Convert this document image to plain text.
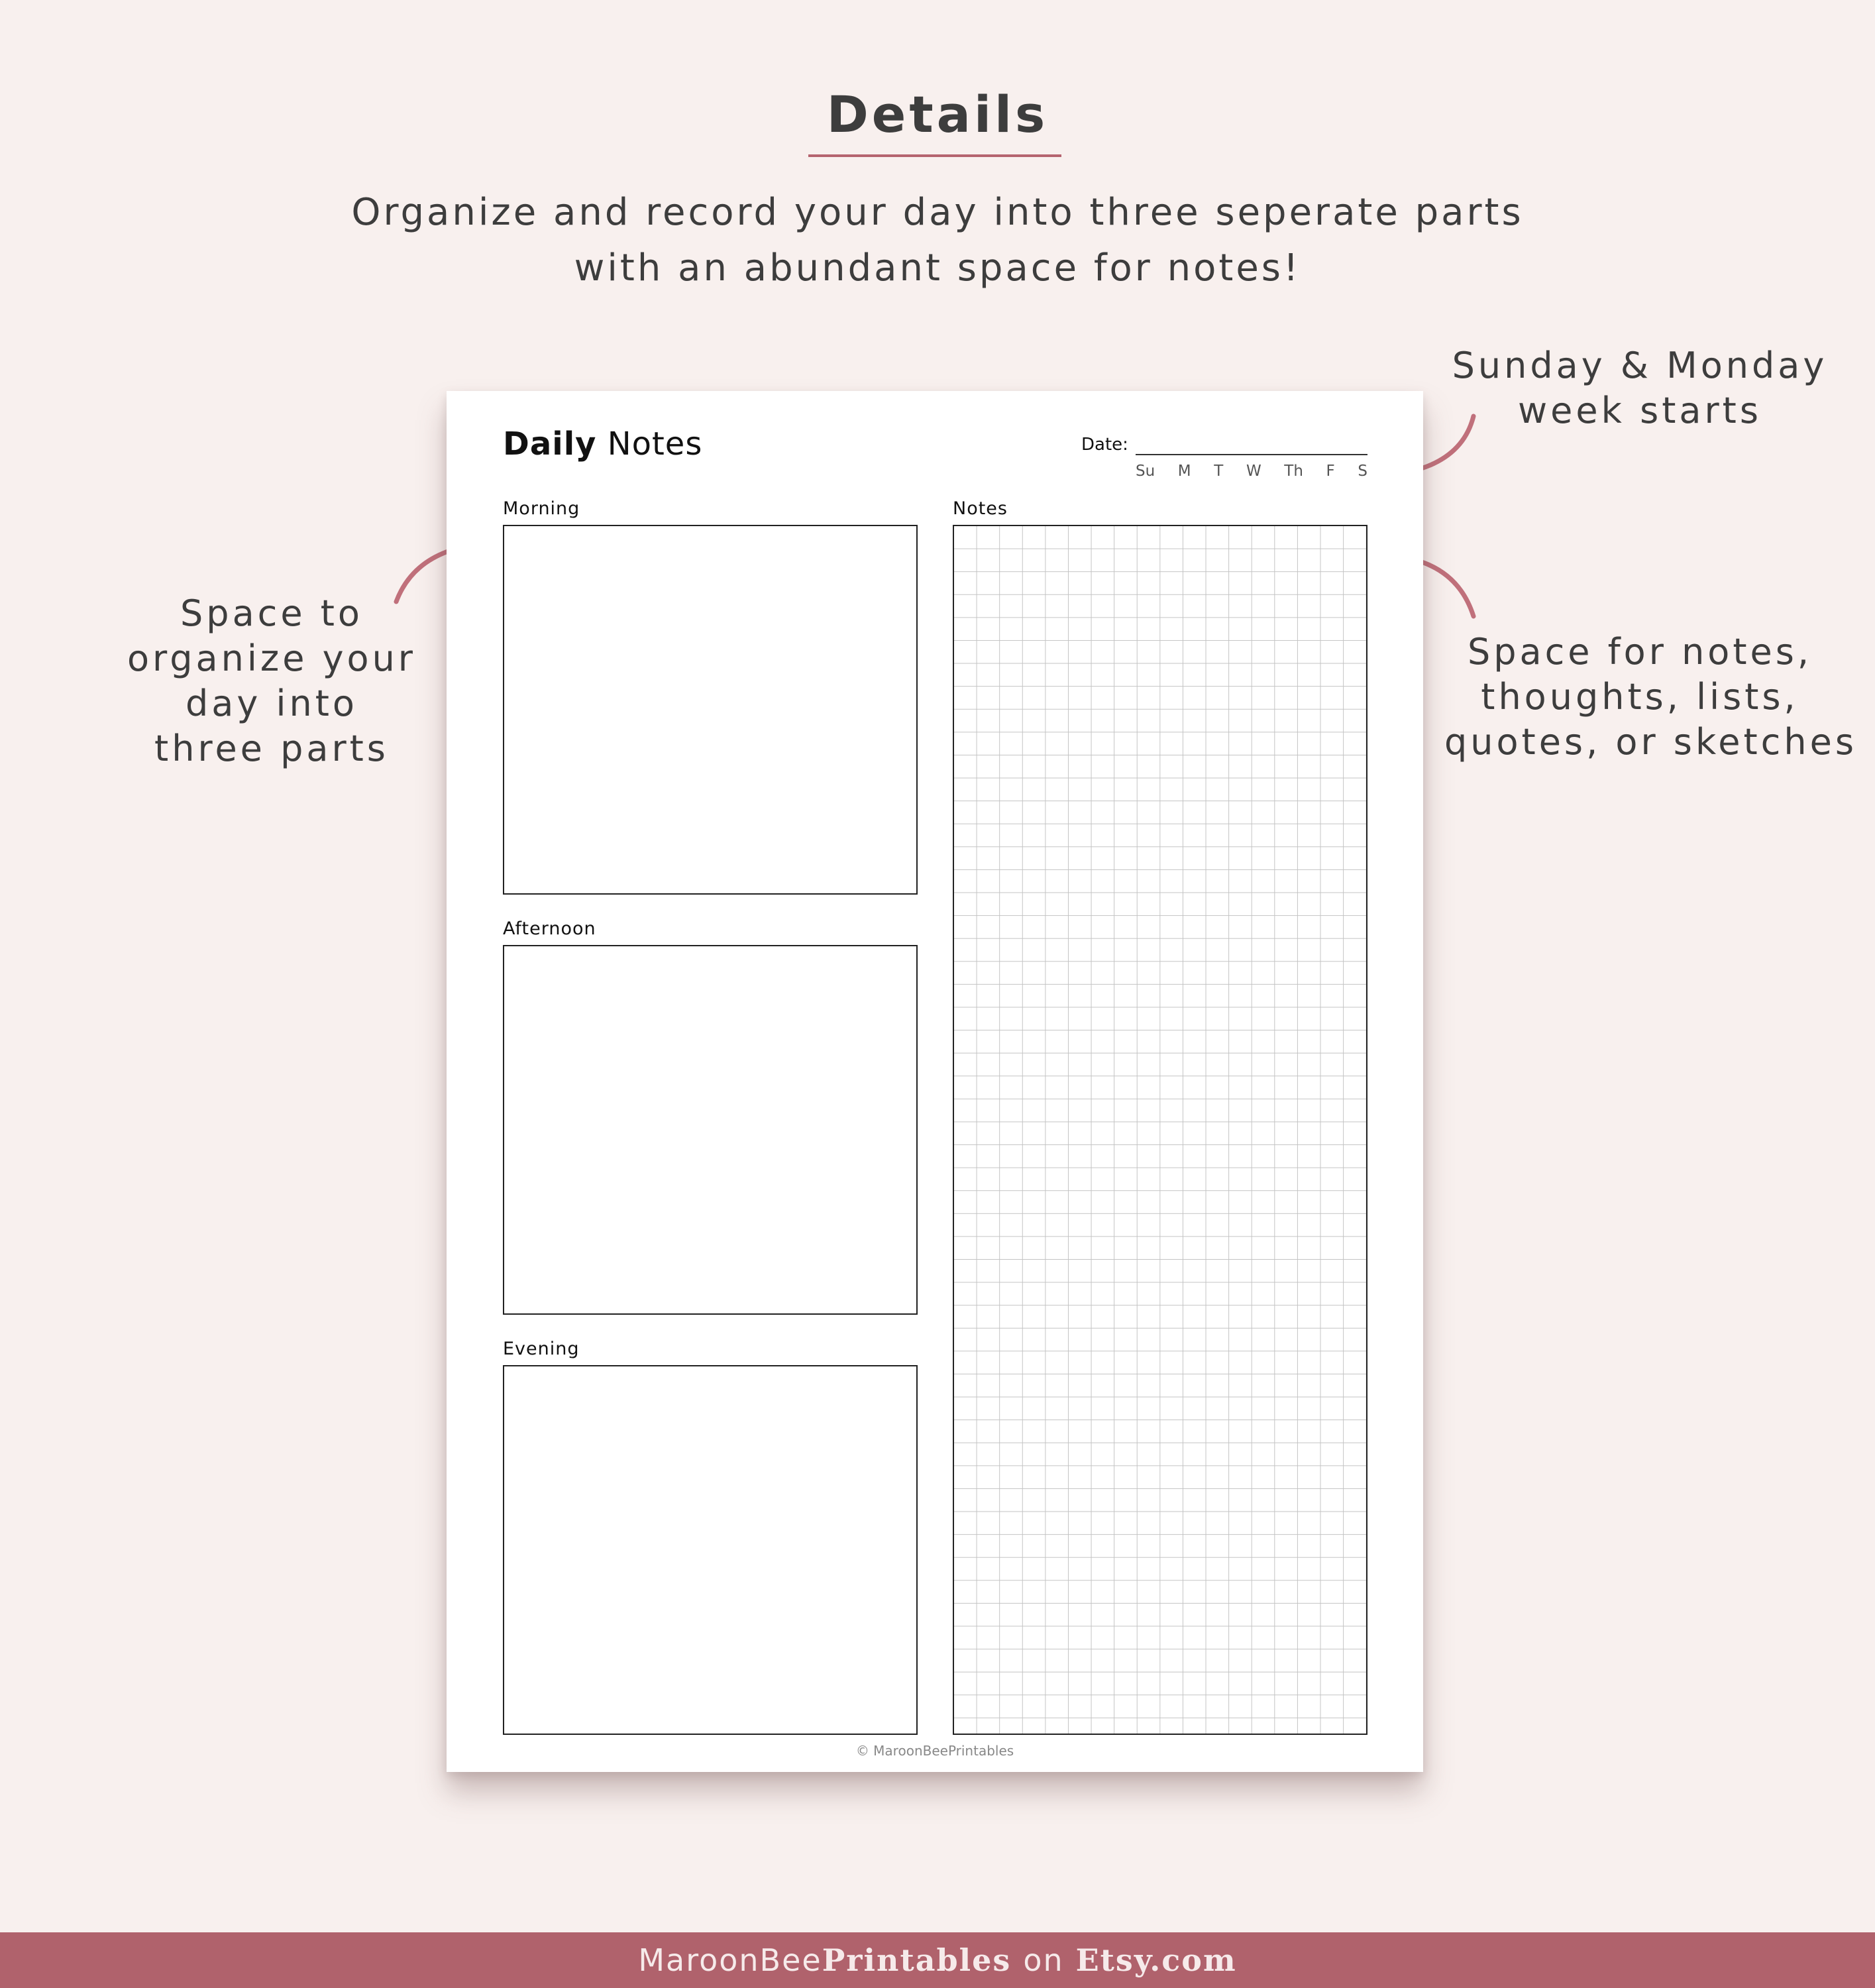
Details
Organize and record your day into three seperate parts
with an abundant space for notes!
Space to
organize your
day into
three parts
Sunday & Monday
week starts
Space for notes,
thoughts, lists,
quotes, or sketches
Daily Notes	Date:
Su M T W Th F S
Morning
Afternoon
Evening
Notes
© MaroonBeePrintables
MaroonBee Printables on Etsy.com
